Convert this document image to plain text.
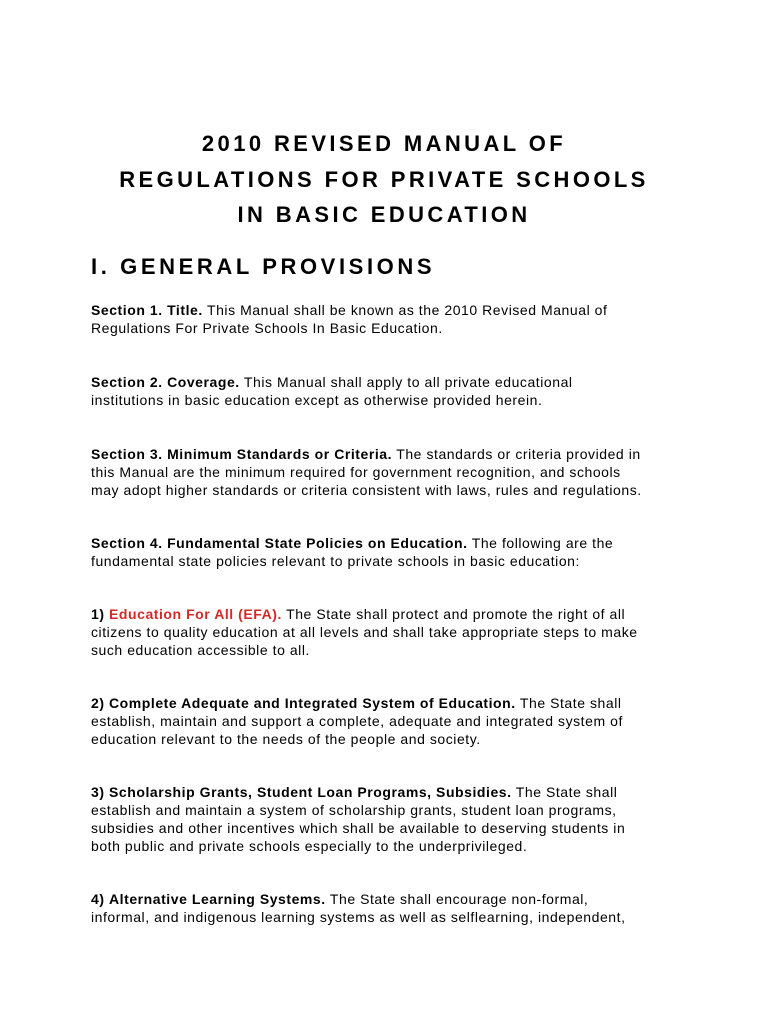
2010 REVISED MANUAL OF
REGULATIONS FOR PRIVATE SCHOOLS
IN BASIC EDUCATION
I. GENERAL PROVISIONS

Section 1. Title. This Manual shall be known as the 2010 Revised Manual of
Regulations For Private Schools In Basic Education.

Section 2. Coverage. This Manual shall apply to all private educational
institutions in basic education except as otherwise provided herein.

Section 3. Minimum Standards or Criteria. The standards or criteria provided in
this Manual are the minimum required for government recognition, and schools
may adopt higher standards or criteria consistent with laws, rules and regulations.

Section 4. Fundamental State Policies on Education. The following are the
fundamental state policies relevant to private schools in basic education:

1) Education For All (EFA). The State shall protect and promote the right of all
citizens to quality education at all levels and shall take appropriate steps to make
such education accessible to all.

2) Complete Adequate and Integrated System of Education. The State shall
establish, maintain and support a complete, adequate and integrated system of
education relevant to the needs of the people and society.

3) Scholarship Grants, Student Loan Programs, Subsidies. The State shall
establish and maintain a system of scholarship grants, student loan programs,
subsidies and other incentives which shall be available to deserving students in
both public and private schools especially to the underprivileged.

4) Alternative Learning Systems. The State shall encourage non-formal,
informal, and indigenous learning systems as well as selflearning, independent,
